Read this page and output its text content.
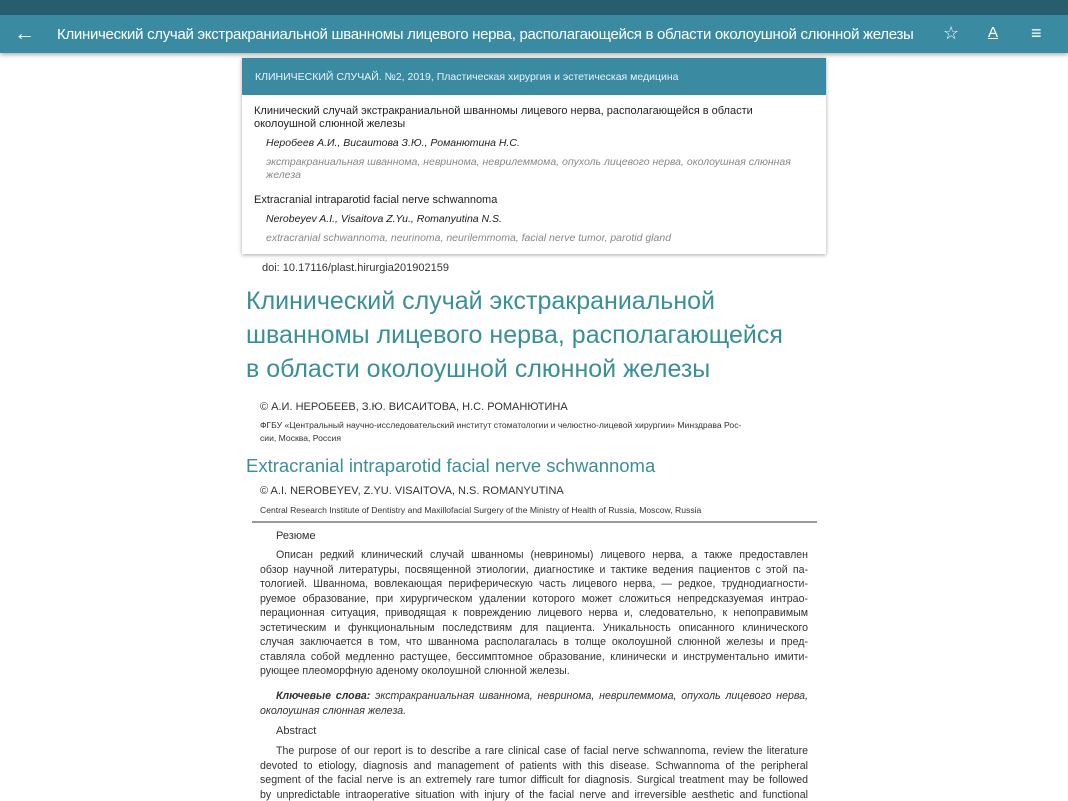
← Клинический случай экстракраниальной шванномы лицевого нерва, располагающейся в области околоушной слюнной железы	☆ A ≡
КЛИНИЧЕСКИЙ СЛУЧАЙ. №2, 2019, Пластическая хирургия и эстетическая медицина
Клинический случай экстракраниальной шванномы лицевого нерва, располагающейся в области
околоушной слюнной железы
Неробеев А.И., Висаитова З.Ю., Романютина Н.С.
экстракраниальная шваннома, невринома, неврилеммома, опухоль лицевого нерва, околоушная слюнная
железа
Extracranial intraparotid facial nerve schwannoma
Nerobeyev A.I., Visaitova Z.Yu., Romanyutina N.S.
extracranial schwannoma, neurinoma, neurilemmoma, facial nerve tumor, parotid gland
doi: 10.17116/plast.hirurgia201902159
Клинический случай экстракраниальной
шванномы лицевого нерва, располагающейся
в области околоушной слюнной железы
© А.И. НЕРОБЕЕВ, З.Ю. ВИСАИТОВА, Н.С. РОМАНЮТИНА
ФГБУ «Центральный научно-исследовательский институт стоматологии и челюстно-лицевой хирургии» Минздрава Рос-
сии, Москва, Россия
Extracranial intraparotid facial nerve schwannoma
© A.I. NEROBEYEV, Z.YU. VISAITOVA, N.S. ROMANYUTINA
Central Research Institute of Dentistry and Maxillofacial Surgery of the Ministry of Health of Russia, Moscow, Russia
Резюме
Описан редкий клинический случай шванномы (невриномы) лицевого нерва, а также предоставлен
обзор научной литературы, посвященной этиологии, диагностике и тактике ведения пациентов с этой па-
тологией. Шваннома, вовлекающая периферическую часть лицевого нерва, — редкое, труднодиагности-
руемое образование, при хирургическом удалении которого может сложиться непредсказуемая интрао-
перационная ситуация, приводящая к повреждению лицевого нерва и, следовательно, к непоправимым
эстетическим и функциональным последствиям для пациента. Уникальность описанного клинического
случая заключается в том, что шваннома располагалась в толще околоушной слюнной железы и пред-
ставляла собой медленно растущее, бессимптомное образование, клинически и инструментально имити-
рующее плеоморфную аденому околоушной слюнной железы.
Ключевые слова: экстракраниальная шваннома, невринома, неврилеммома, опухоль лицевого нерва,
околоушная слюнная железа.
Abstract
The purpose of our report is to describe a rare clinical case of facial nerve schwannoma, review the literature
devoted to etiology, diagnosis and management of patients with this disease. Schwannoma of the peripheral
segment of the facial nerve is an extremely rare tumor difficult for diagnosis. Surgical treatment may be followed
by unpredictable intraoperative situation with injury of the facial nerve and irreversible aesthetic and functional
